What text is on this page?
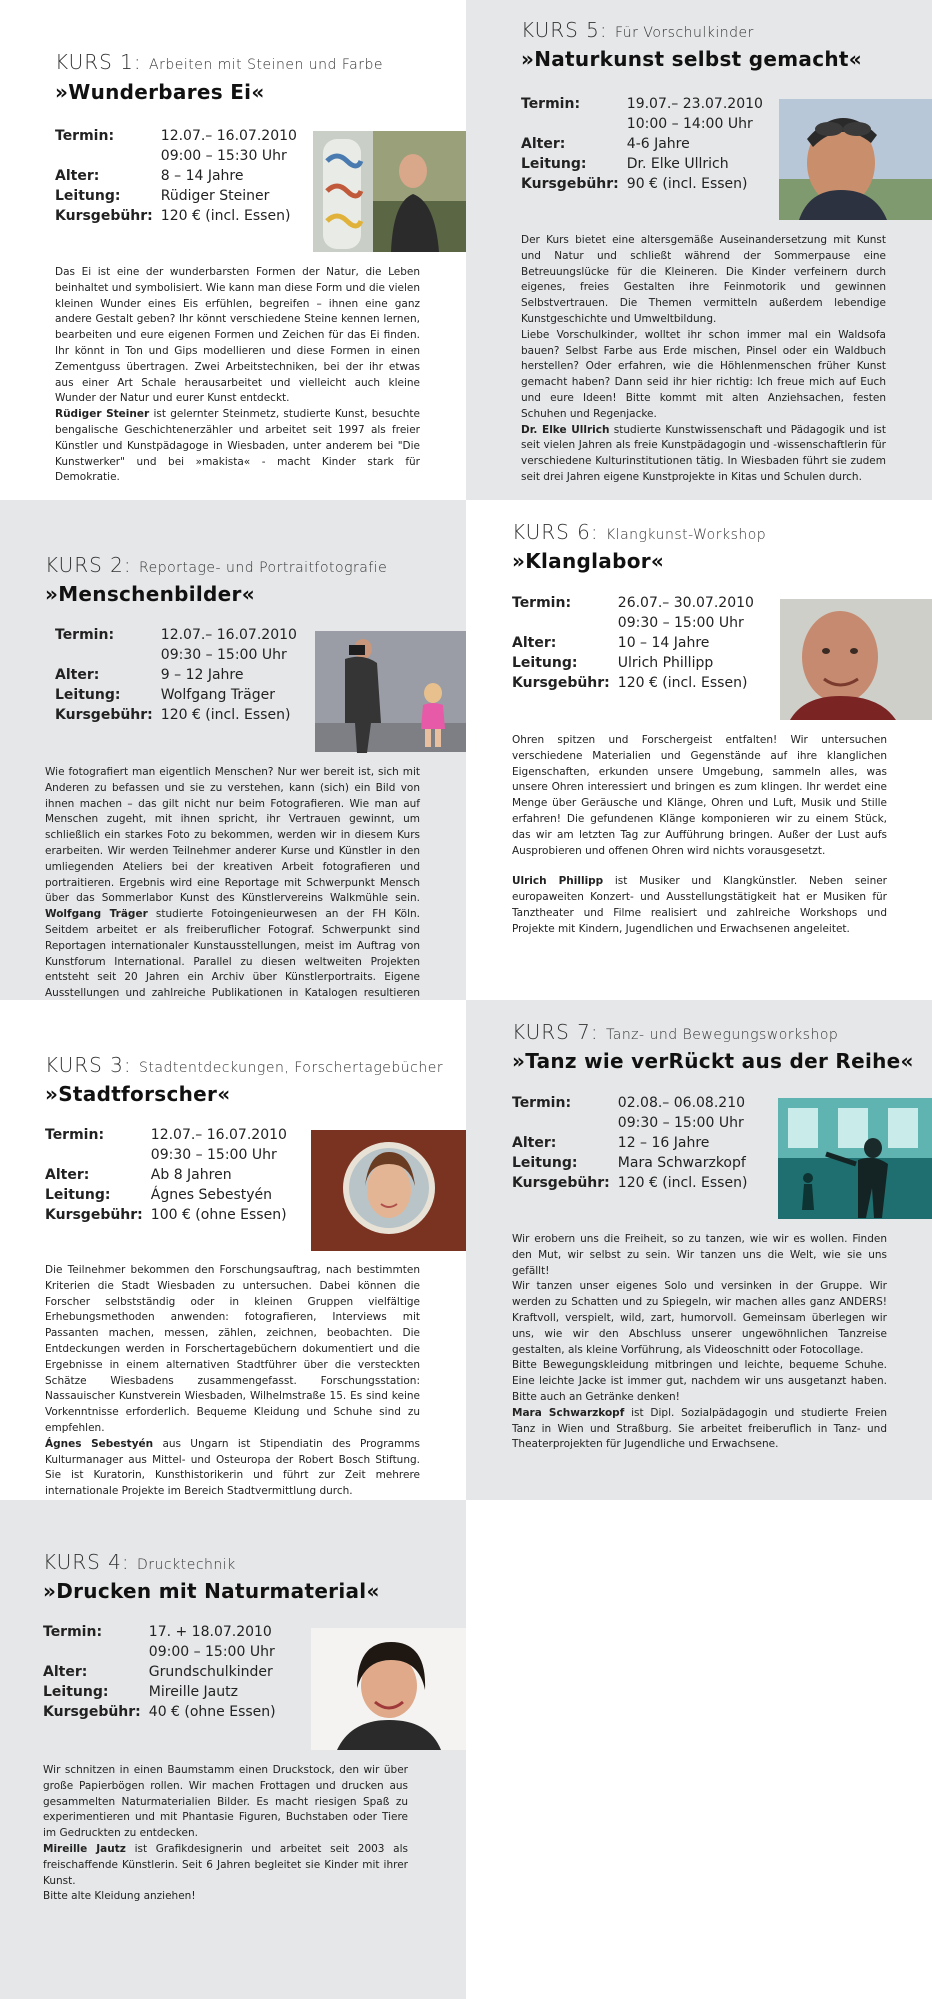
KURS 1: Arbeiten mit Steinen und Farbe
»Wunderbares Ei«
Termin:	12.07.– 16.07.2010
	09:00 – 15:30 Uhr
Alter:	8 – 14 Jahre
Leitung:	Rüdiger Steiner
Kursgebühr:	120 € (incl. Essen)

Das Ei ist eine der wunderbarsten Formen der Natur, die Leben beinhaltet und symbolisiert. Wie kann man diese Form und die vielen kleinen Wunder eines Eis erfühlen, begreifen – ihnen eine ganz andere Gestalt geben? Ihr könnt verschiedene Steine kennen lernen, bearbeiten und eure eigenen Formen und Zeichen für das Ei finden. Ihr könnt in Ton und Gips modellieren und diese Formen in einen Zementguss übertragen. Zwei Arbeitstechniken, bei der ihr etwas aus einer Art Schale herausarbeitet und vielleicht auch kleine Wunder der Natur und eurer Kunst entdeckt.

Rüdiger Steiner ist gelernter Steinmetz, studierte Kunst, besuchte bengalische Geschichtenerzähler und arbeitet seit 1997 als freier Künstler und Kunstpädagoge in Wiesbaden, unter anderem bei "Die Kunstwerker" und bei »makista« - macht Kinder stark für Demokratie.

KURS 5: Für Vorschulkinder
»Naturkunst selbst gemacht«
Termin:	19.07.– 23.07.2010
	10:00 – 14:00 Uhr
Alter:	4-6 Jahre
Leitung:	Dr. Elke Ullrich
Kursgebühr:	90 € (incl. Essen)

Der Kurs bietet eine altersgemäße Auseinandersetzung mit Kunst und Natur und schließt während der Sommerpause eine Betreuungslücke für die Kleineren. Die Kinder verfeinern durch eigenes, freies Gestalten ihre Feinmotorik und gewinnen Selbstvertrauen. Die Themen vermitteln außerdem lebendige Kunstgeschichte und Umweltbildung.

Liebe Vorschulkinder, wolltet ihr schon immer mal ein Waldsofa bauen? Selbst Farbe aus Erde mischen, Pinsel oder ein Waldbuch herstellen? Oder erfahren, wie die Höhlenmenschen früher Kunst gemacht haben? Dann seid ihr hier richtig: Ich freue mich auf Euch und eure Ideen! Bitte kommt mit alten Anziehsachen, festen Schuhen und Regenjacke.

Dr. Elke Ullrich studierte Kunstwissenschaft und Pädagogik und ist seit vielen Jahren als freie Kunstpädagogin und -wissenschaftlerin für verschiedene Kulturinstitutionen tätig. In Wiesbaden führt sie zudem seit drei Jahren eigene Kunstprojekte in Kitas und Schulen durch.

KURS 2: Reportage- und Portraitfotografie
»Menschenbilder«
Termin:	12.07.– 16.07.2010
	09:30 – 15:00 Uhr
Alter:	9 – 12 Jahre
Leitung:	Wolfgang Träger
Kursgebühr:	120 € (incl. Essen)

Wie fotografiert man eigentlich Menschen? Nur wer bereit ist, sich mit Anderen zu befassen und sie zu verstehen, kann (sich) ein Bild von ihnen machen – das gilt nicht nur beim Fotografieren. Wie man auf Menschen zugeht, mit ihnen spricht, ihr Vertrauen gewinnt, um schließlich ein starkes Foto zu bekommen, werden wir in diesem Kurs erarbeiten. Wir werden Teilnehmer anderer Kurse und Künstler in den umliegenden Ateliers bei der kreativen Arbeit fotografieren und portraitieren. Ergebnis wird eine Reportage mit Schwerpunkt Mensch über das Sommerlabor Kunst des Künstlervereins Walkmühle sein. Wolfgang Träger studierte Fotoingenieurwesen an der FH Köln. Seitdem arbeitet er als freiberuflicher Fotograf. Schwerpunkt sind Reportagen internationaler Kunstausstellungen, meist im Auftrag von Kunstforum International. Parallel zu diesen weltweiten Projekten entsteht seit 20 Jahren ein Archiv über Künstlerportraits. Eigene Ausstellungen und zahlreiche Publikationen in Katalogen resultieren

KURS 6: Klangkunst-Workshop
»Klanglabor«
Termin:	26.07.– 30.07.2010
	09:30 – 15:00 Uhr
Alter:	10 – 14 Jahre
Leitung:	Ulrich Phillipp
Kursgebühr:	120 € (incl. Essen)

Ohren spitzen und Forschergeist entfalten! Wir untersuchen verschiedene Materialien und Gegenstände auf ihre klanglichen Eigenschaften, erkunden unsere Umgebung, sammeln alles, was unsere Ohren interessiert und bringen es zum klingen. Ihr werdet eine Menge über Geräusche und Klänge, Ohren und Luft, Musik und Stille erfahren! Die gefundenen Klänge komponieren wir zu einem Stück, das wir am letzten Tag zur Aufführung bringen. Außer der Lust aufs Ausprobieren und offenen Ohren wird nichts vorausgesetzt.

Ulrich Phillipp ist Musiker und Klangkünstler. Neben seiner europaweiten Konzert- und Ausstellungstätigkeit hat er Musiken für Tanztheater und Filme realisiert und zahlreiche Workshops und Projekte mit Kindern, Jugendlichen und Erwachsenen angeleitet.

KURS 3: Stadtentdeckungen, Forschertagebücher
»Stadtforscher«
Termin:	12.07.– 16.07.2010
	09:30 – 15:00 Uhr
Alter:	Ab 8 Jahren
Leitung:	Ágnes Sebestyén
Kursgebühr:	100 € (ohne Essen)

Die Teilnehmer bekommen den Forschungsauftrag, nach bestimmten Kriterien die Stadt Wiesbaden zu untersuchen. Dabei können die Forscher selbstständig oder in kleinen Gruppen vielfältige Erhebungsmethoden anwenden: fotografieren, Interviews mit Passanten machen, messen, zählen, zeichnen, beobachten. Die Entdeckungen werden in Forschertagebüchern dokumentiert und die Ergebnisse in einem alternativen Stadtführer über die versteckten Schätze Wiesbadens zusammengefasst. Forschungsstation: Nassauischer Kunstverein Wiesbaden, Wilhelmstraße 15. Es sind keine Vorkenntnisse erforderlich. Bequeme Kleidung und Schuhe sind zu empfehlen.

Ágnes Sebestyén aus Ungarn ist Stipendiatin des Programms Kulturmanager aus Mittel- und Osteuropa der Robert Bosch Stiftung. Sie ist Kuratorin, Kunsthistorikerin und führt zur Zeit mehrere internationale Projekte im Bereich Stadtvermittlung durch.

KURS 7: Tanz- und Bewegungsworkshop
»Tanz wie verRückt aus der Reihe«
Termin:	02.08.– 06.08.210
	09:30 – 15:00 Uhr
Alter:	12 – 16 Jahre
Leitung:	Mara Schwarzkopf
Kursgebühr:	120 € (incl. Essen)

Wir erobern uns die Freiheit, so zu tanzen, wie wir es wollen. Finden den Mut, wir selbst zu sein. Wir tanzen uns die Welt, wie sie uns gefällt!

Wir tanzen unser eigenes Solo und versinken in der Gruppe. Wir werden zu Schatten und zu Spiegeln, wir machen alles ganz ANDERS! Kraftvoll, verspielt, wild, zart, humorvoll. Gemeinsam überlegen wir uns, wie wir den Abschluss unserer ungewöhnlichen Tanzreise gestalten, als kleine Vorführung, als Videoschnitt oder Fotocollage.

Bitte Bewegungskleidung mitbringen und leichte, bequeme Schuhe. Eine leichte Jacke ist immer gut, nachdem wir uns ausgetanzt haben. Bitte auch an Getränke denken!

Mara Schwarzkopf ist Dipl. Sozialpädagogin und studierte Freien Tanz in Wien und Straßburg. Sie arbeitet freiberuflich in Tanz- und Theaterprojekten für Jugendliche und Erwachsene.

KURS 4: Drucktechnik
»Drucken mit Naturmaterial«
Termin:	17. + 18.07.2010
	09:00 – 15:00 Uhr
Alter:	Grundschulkinder
Leitung:	Mireille Jautz
Kursgebühr:	40 € (ohne Essen)

Wir schnitzen in einen Baumstamm einen Druckstock, den wir über große Papierbögen rollen. Wir machen Frottagen und drucken aus gesammelten Naturmaterialien Bilder. Es macht riesigen Spaß zu experimentieren und mit Phantasie Figuren, Buchstaben oder Tiere im Gedruckten zu entdecken.

Mireille Jautz ist Grafikdesignerin und arbeitet seit 2003 als freischaffende Künstlerin. Seit 6 Jahren begleitet sie Kinder mit ihrer Kunst.

Bitte alte Kleidung anziehen!
